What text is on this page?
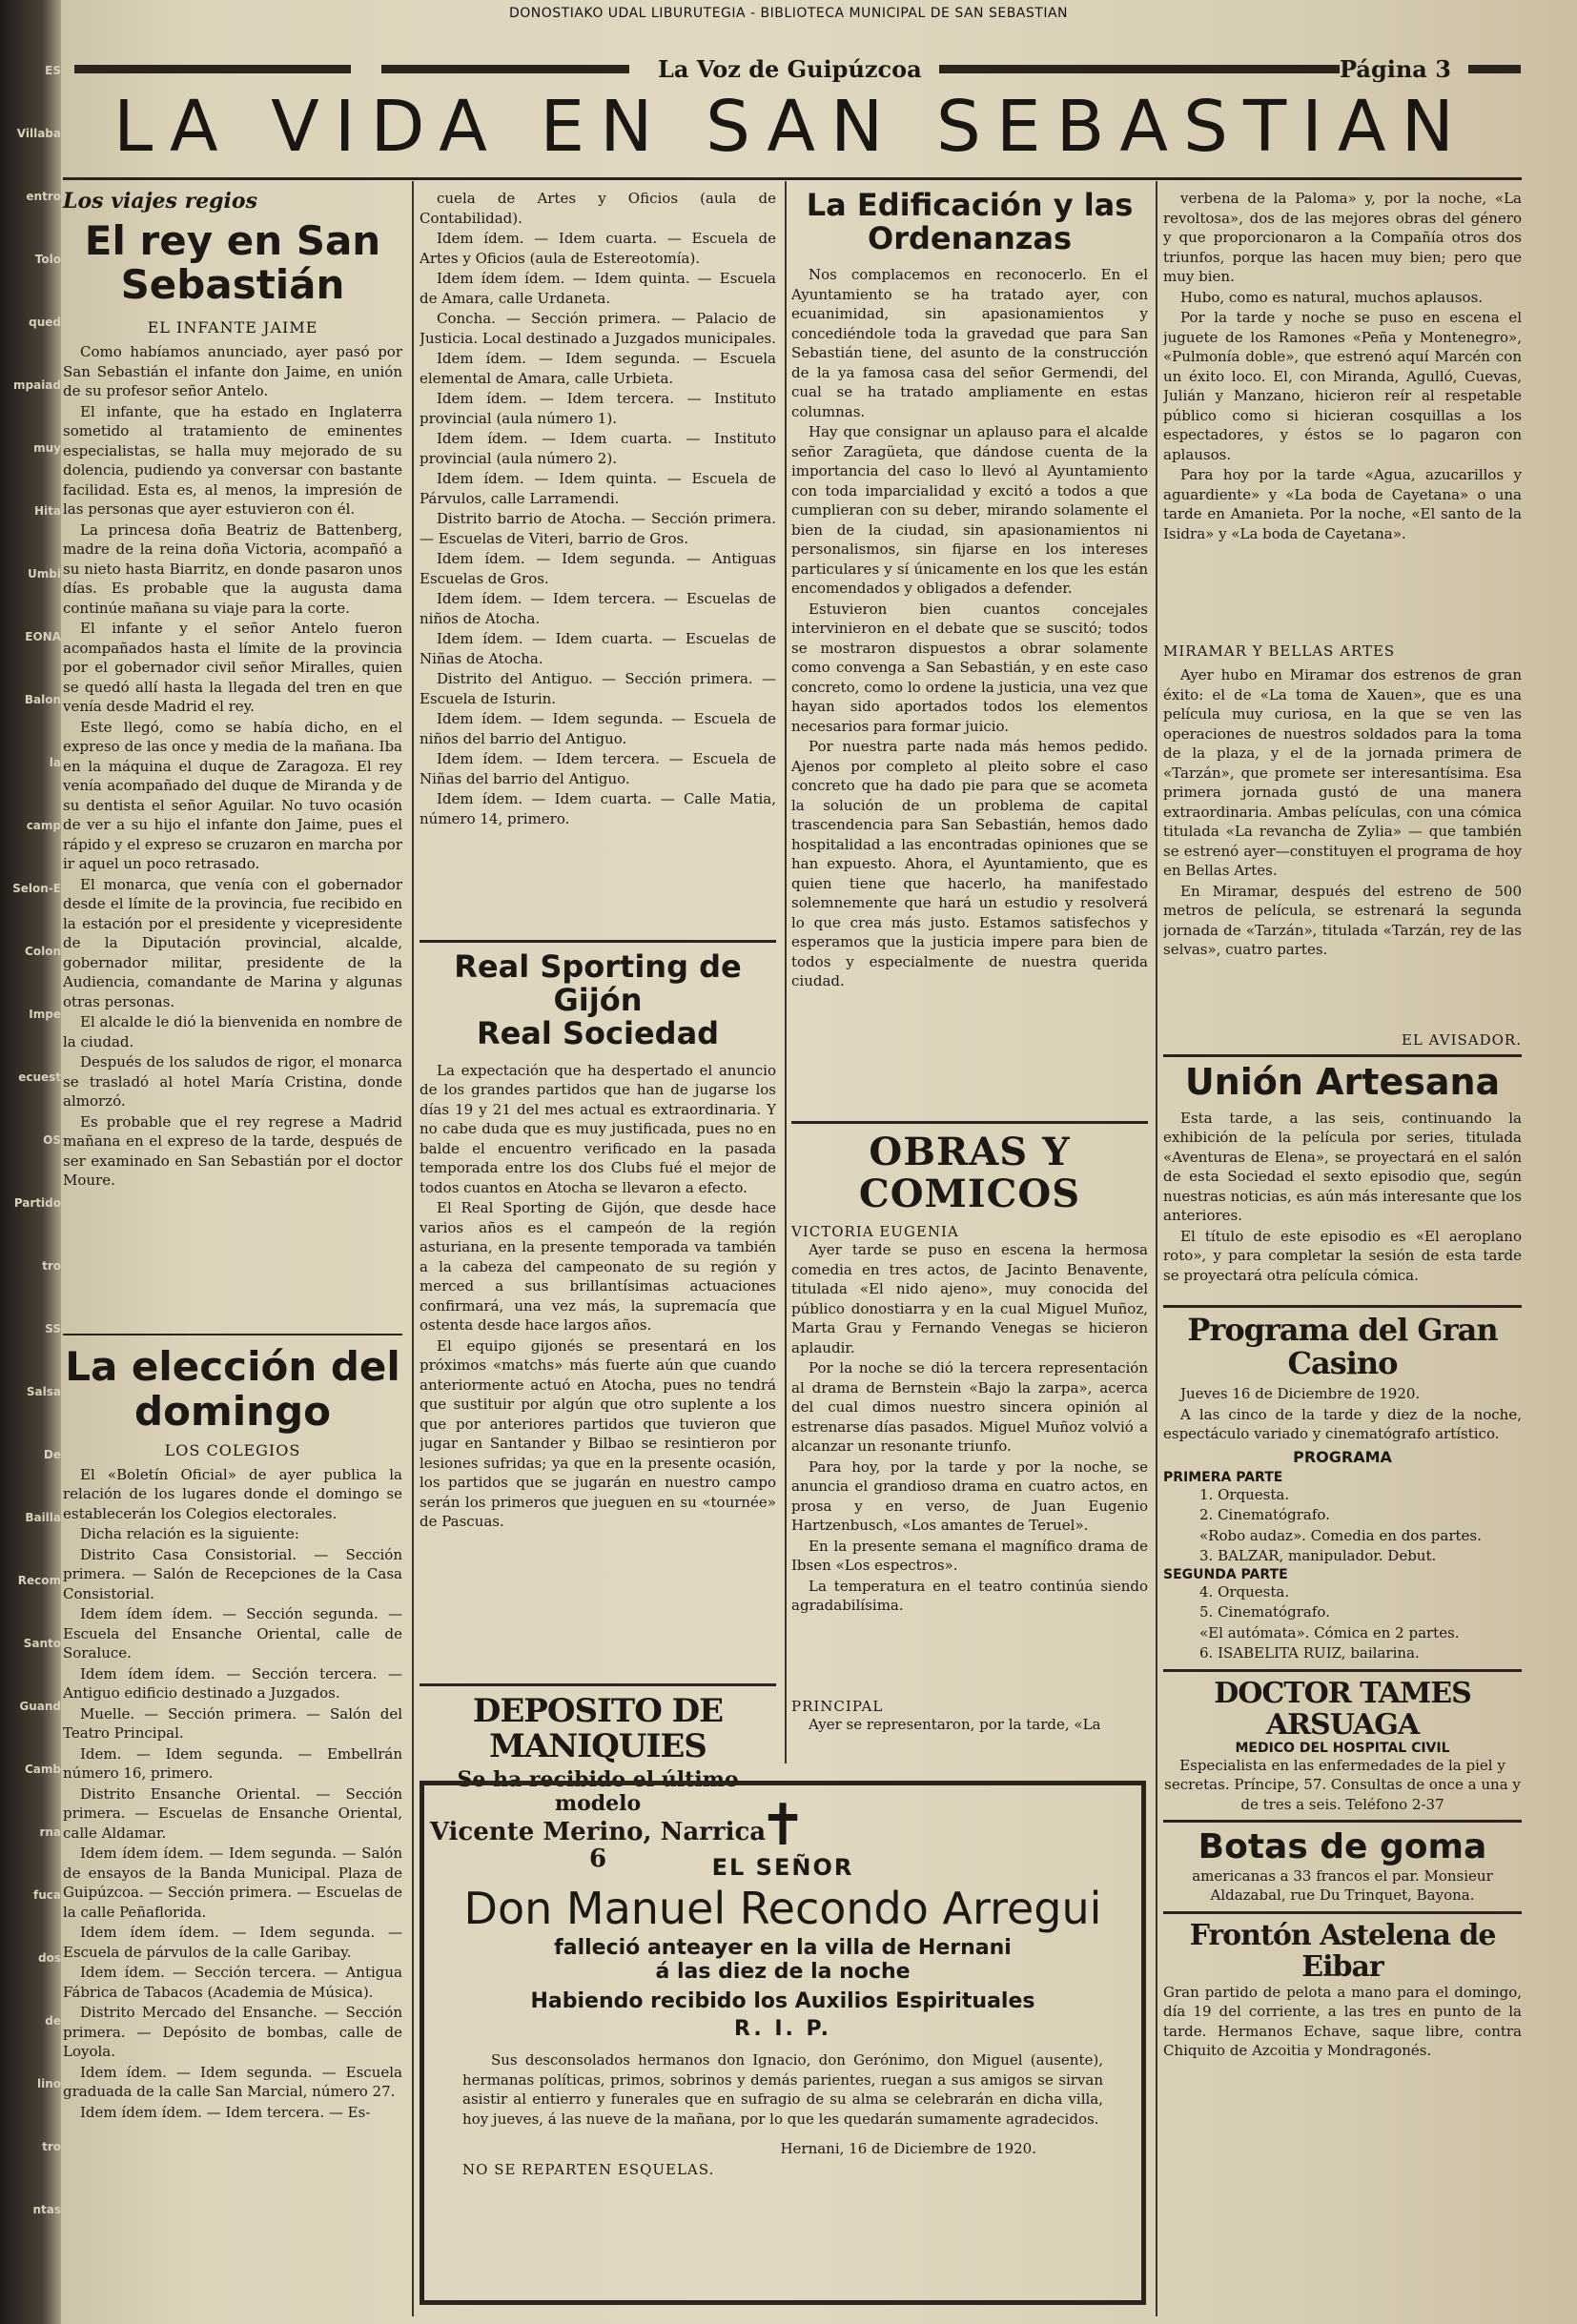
ES
Villaba
entro
Tolo
qued
mpaiad
muy
Hita
Umbi
EONA
Balon
la
camp
Selon-E
Colon
Impe
ecuest
OS
Partido
tro
SS
Salsa
De
Bailla
Recom
Santo
Guand
Camb
rna
fuca
dos
de
lino
tro
ntas
DONOSTIAKO UDAL LIBURUTEGIA - BIBLIOTECA MUNICIPAL DE SAN SEBASTIAN
La Voz de Guipúzcoa	Página 3
LA VIDA EN SAN SEBASTIAN
Los viajes regios
El rey en San Sebastián
EL INFANTE JAIME

Como habíamos anunciado, ayer pasó por San Sebastián el infante don Jaime, en unión de su profesor señor Antelo.

El infante, que ha estado en Inglaterra sometido al tratamiento de eminentes especialistas, se halla muy mejorado de su dolencia, pudiendo ya conversar con bastante facilidad. Esta es, al menos, la impresión de las personas que ayer estuvieron con él.

La princesa doña Beatriz de Battenberg, madre de la reina doña Victoria, acompañó a su nieto hasta Biarritz, en donde pasaron unos días. Es probable que la augusta dama continúe mañana su viaje para la corte.

El infante y el señor Antelo fueron acompañados hasta el límite de la provincia por el gobernador civil señor Miralles, quien se quedó allí hasta la llegada del tren en que venía desde Madrid el rey.

Este llegó, como se había dicho, en el expreso de las once y media de la mañana. Iba en la máquina el duque de Zaragoza. El rey venía acompañado del duque de Miranda y de su dentista el señor Aguilar. No tuvo ocasión de ver a su hijo el infante don Jaime, pues el rápido y el expreso se cruzaron en marcha por ir aquel un poco retrasado.

El monarca, que venía con el gobernador desde el límite de la provincia, fue recibido en la estación por el presidente y vicepresidente de la Diputación provincial, alcalde, gobernador militar, presidente de la Audiencia, comandante de Marina y algunas otras personas.

El alcalde le dió la bienvenida en nombre de la ciudad.

Después de los saludos de rigor, el monarca se trasladó al hotel María Cristina, donde almorzó.

Es probable que el rey regrese a Madrid mañana en el expreso de la tarde, después de ser examinado en San Sebastián por el doctor Moure.

La elección del domingo
LOS COLEGIOS

El «Boletín Oficial» de ayer publica la relación de los lugares donde el domingo se establecerán los Colegios electorales.

Dicha relación es la siguiente:

Distrito Casa Consistorial. — Sección primera. — Salón de Recepciones de la Casa Consistorial.

Idem ídem ídem. — Sección segunda. — Escuela del Ensanche Oriental, calle de Soraluce.

Idem ídem ídem. — Sección tercera. — Antiguo edificio destinado a Juzgados.

Muelle. — Sección primera. — Salón del Teatro Principal.

Idem. — Idem segunda. — Embellrán número 16, primero.

Distrito Ensanche Oriental. — Sección primera. — Escuelas de Ensanche Oriental, calle Aldamar.

Idem ídem ídem. — Idem segunda. — Salón de ensayos de la Banda Municipal. Plaza de Guipúzcoa. — Sección primera. — Escuelas de la calle Peñaflorida.

Idem ídem ídem. — Idem segunda. — Escuela de párvulos de la calle Garibay.

Idem ídem. — Sección tercera. — Antigua Fábrica de Tabacos (Academia de Música).

Distrito Mercado del Ensanche. — Sección primera. — Depósito de bombas, calle de Loyola.

Idem ídem. — Idem segunda. — Escuela graduada de la calle San Marcial, número 27.

Idem ídem ídem. — Idem tercera. — Es-

cuela de Artes y Oficios (aula de Contabilidad).

Idem ídem. — Idem cuarta. — Escuela de Artes y Oficios (aula de Estereotomía).

Idem ídem ídem. — Idem quinta. — Escuela de Amara, calle Urdaneta.

Concha. — Sección primera. — Palacio de Justicia. Local destinado a Juzgados municipales.

Idem ídem. — Idem segunda. — Escuela elemental de Amara, calle Urbieta.

Idem ídem. — Idem tercera. — Instituto provincial (aula número 1).

Idem ídem. — Idem cuarta. — Instituto provincial (aula número 2).

Idem ídem. — Idem quinta. — Escuela de Párvulos, calle Larramendi.

Distrito barrio de Atocha. — Sección primera. — Escuelas de Viteri, barrio de Gros.

Idem ídem. — Idem segunda. — Antiguas Escuelas de Gros.

Idem ídem. — Idem tercera. — Escuelas de niños de Atocha.

Idem ídem. — Idem cuarta. — Escuelas de Niñas de Atocha.

Distrito del Antiguo. — Sección primera. — Escuela de Isturin.

Idem ídem. — Idem segunda. — Escuela de niños del barrio del Antiguo.

Idem ídem. — Idem tercera. — Escuela de Niñas del barrio del Antiguo.

Idem ídem. — Idem cuarta. — Calle Matia, número 14, primero.

Real Sporting de Gijón
Real Sociedad

La expectación que ha despertado el anuncio de los grandes partidos que han de jugarse los días 19 y 21 del mes actual es extraordinaria. Y no cabe duda que es muy justificada, pues no en balde el encuentro verificado en la pasada temporada entre los dos Clubs fué el mejor de todos cuantos en Atocha se llevaron a efecto.

El Real Sporting de Gijón, que desde hace varios años es el campeón de la región asturiana, en la presente temporada va también a la cabeza del campeonato de su región y merced a sus brillantísimas actuaciones confirmará, una vez más, la supremacía que ostenta desde hace largos años.

El equipo gijonés se presentará en los próximos «matchs» más fuerte aún que cuando anteriormente actuó en Atocha, pues no tendrá que sustituir por algún que otro suplente a los que por anteriores partidos que tuvieron que jugar en Santander y Bilbao se resintieron por lesiones sufridas; ya que en la presente ocasión, los partidos que se jugarán en nuestro campo serán los primeros que jueguen en su «tournée» de Pascuas.

DEPOSITO DE MANIQUIES
Se ha recibido el último modelo
Vicente Merino, Narrica 6
La Edificación y las Ordenanzas

Nos complacemos en reconocerlo. En el Ayuntamiento se ha tratado ayer, con ecuanimidad, sin apasionamientos y concediéndole toda la gravedad que para San Sebastián tiene, del asunto de la construcción de la ya famosa casa del señor Germendi, del cual se ha tratado ampliamente en estas columnas.

Hay que consignar un aplauso para el alcalde señor Zaragüeta, que dándose cuenta de la importancia del caso lo llevó al Ayuntamiento con toda imparcialidad y excitó a todos a que cumplieran con su deber, mirando solamente el bien de la ciudad, sin apasionamientos ni personalismos, sin fijarse en los intereses particulares y sí únicamente en los que les están encomendados y obligados a defender.

Estuvieron bien cuantos concejales intervinieron en el debate que se suscitó; todos se mostraron dispuestos a obrar solamente como convenga a San Sebastián, y en este caso concreto, como lo ordene la justicia, una vez que hayan sido aportados todos los elementos necesarios para formar juicio.

Por nuestra parte nada más hemos pedido. Ajenos por completo al pleito sobre el caso concreto que ha dado pie para que se acometa la solución de un problema de capital trascendencia para San Sebastián, hemos dado hospitalidad a las encontradas opiniones que se han expuesto. Ahora, el Ayuntamiento, que es quien tiene que hacerlo, ha manifestado solemnemente que hará un estudio y resolverá lo que crea más justo. Estamos satisfechos y esperamos que la justicia impere para bien de todos y especialmente de nuestra querida ciudad.

OBRAS Y COMICOS
VICTORIA EUGENIA

Ayer tarde se puso en escena la hermosa comedia en tres actos, de Jacinto Benavente, titulada «El nido ajeno», muy conocida del público donostiarra y en la cual Miguel Muñoz, Marta Grau y Fernando Venegas se hicieron aplaudir.

Por la noche se dió la tercera representación al drama de Bernstein «Bajo la zarpa», acerca del cual dimos nuestro sincera opinión al estrenarse días pasados. Miguel Muñoz volvió a alcanzar un resonante triunfo.

Para hoy, por la tarde y por la noche, se anuncia el grandioso drama en cuatro actos, en prosa y en verso, de Juan Eugenio Hartzenbusch, «Los amantes de Teruel».

En la presente semana el magnífico drama de Ibsen «Los espectros».

La temperatura en el teatro continúa siendo agradabilísima.

PRINCIPAL

Ayer se representaron, por la tarde, «La

verbena de la Paloma» y, por la noche, «La revoltosa», dos de las mejores obras del género y que proporcionaron a la Compañía otros dos triunfos, porque las hacen muy bien; pero que muy bien.

Hubo, como es natural, muchos aplausos.

Por la tarde y noche se puso en escena el juguete de los Ramones «Peña y Montenegro», «Pulmonía doble», que estrenó aquí Marcén con un éxito loco. El, con Miranda, Agulló, Cuevas, Julián y Manzano, hicieron reír al respetable público como si hicieran cosquillas a los espectadores, y éstos se lo pagaron con aplausos.

Para hoy por la tarde «Agua, azucarillos y aguardiente» y «La boda de Cayetana» o una tarde en Amanieta. Por la noche, «El santo de la Isidra» y «La boda de Cayetana».

MIRAMAR Y BELLAS ARTES

Ayer hubo en Miramar dos estrenos de gran éxito: el de «La toma de Xauen», que es una película muy curiosa, en la que se ven las operaciones de nuestros soldados para la toma de la plaza, y el de la jornada primera de «Tarzán», que promete ser interesantísima. Esa primera jornada gustó de una manera extraordinaria. Ambas películas, con una cómica titulada «La revancha de Zylia» — que también se estrenó ayer—constituyen el programa de hoy en Bellas Artes.

En Miramar, después del estreno de 500 metros de película, se estrenará la segunda jornada de «Tarzán», titulada «Tarzán, rey de las selvas», cuatro partes.

EL AVISADOR.
Unión Artesana

Esta tarde, a las seis, continuando la exhibición de la película por series, titulada «Aventuras de Elena», se proyectará en el salón de esta Sociedad el sexto episodio que, según nuestras noticias, es aún más interesante que los anteriores.

El título de este episodio es «El aeroplano roto», y para completar la sesión de esta tarde se proyectará otra película cómica.

Programa del Gran Casino

Jueves 16 de Diciembre de 1920.

A las cinco de la tarde y diez de la noche, espectáculo variado y cinematógrafo artístico.

PROGRAMA
PRIMERA PARTE

1. Orquesta.

2. Cinematógrafo.

«Robo audaz». Comedia en dos partes.

3. BALZAR, manipulador. Debut.

SEGUNDA PARTE

4. Orquesta.

5. Cinematógrafo.

«El autómata». Cómica en 2 partes.

6. ISABELITA RUIZ, bailarina.

DOCTOR TAMES ARSUAGA
MEDICO DEL HOSPITAL CIVIL
Especialista en las enfermedades de la piel y secretas. Príncipe, 57. Consultas de once a una y de tres a seis. Teléfono 2-37
Botas de goma
americanas a 33 francos el par. Monsieur Aldazabal, rue Du Trinquet, Bayona.
Frontón Astelena de Eibar
Gran partido de pelota a mano para el domingo, día 19 del corriente, a las tres en punto de la tarde. Hermanos Echave, saque libre, contra Chiquito de Azcoitia y Mondragonés.
✝
EL SEÑOR
Don Manuel Recondo Arregui
falleció anteayer en la villa de Hernani
á las diez de la noche
Habiendo recibido los Auxilios Espirituales
R. I. P.
Sus desconsolados hermanos don Ignacio, don Gerónimo, don Miguel (ausente), hermanas políticas, primos, sobrinos y demás parientes, ruegan a sus amigos se sirvan asistir al entierro y funerales que en sufragio de su alma se celebrarán en dicha villa, hoy jueves, á las nueve de la mañana, por lo que les quedarán sumamente agradecidos.
Hernani, 16 de Diciembre de 1920.
NO SE REPARTEN ESQUELAS.
